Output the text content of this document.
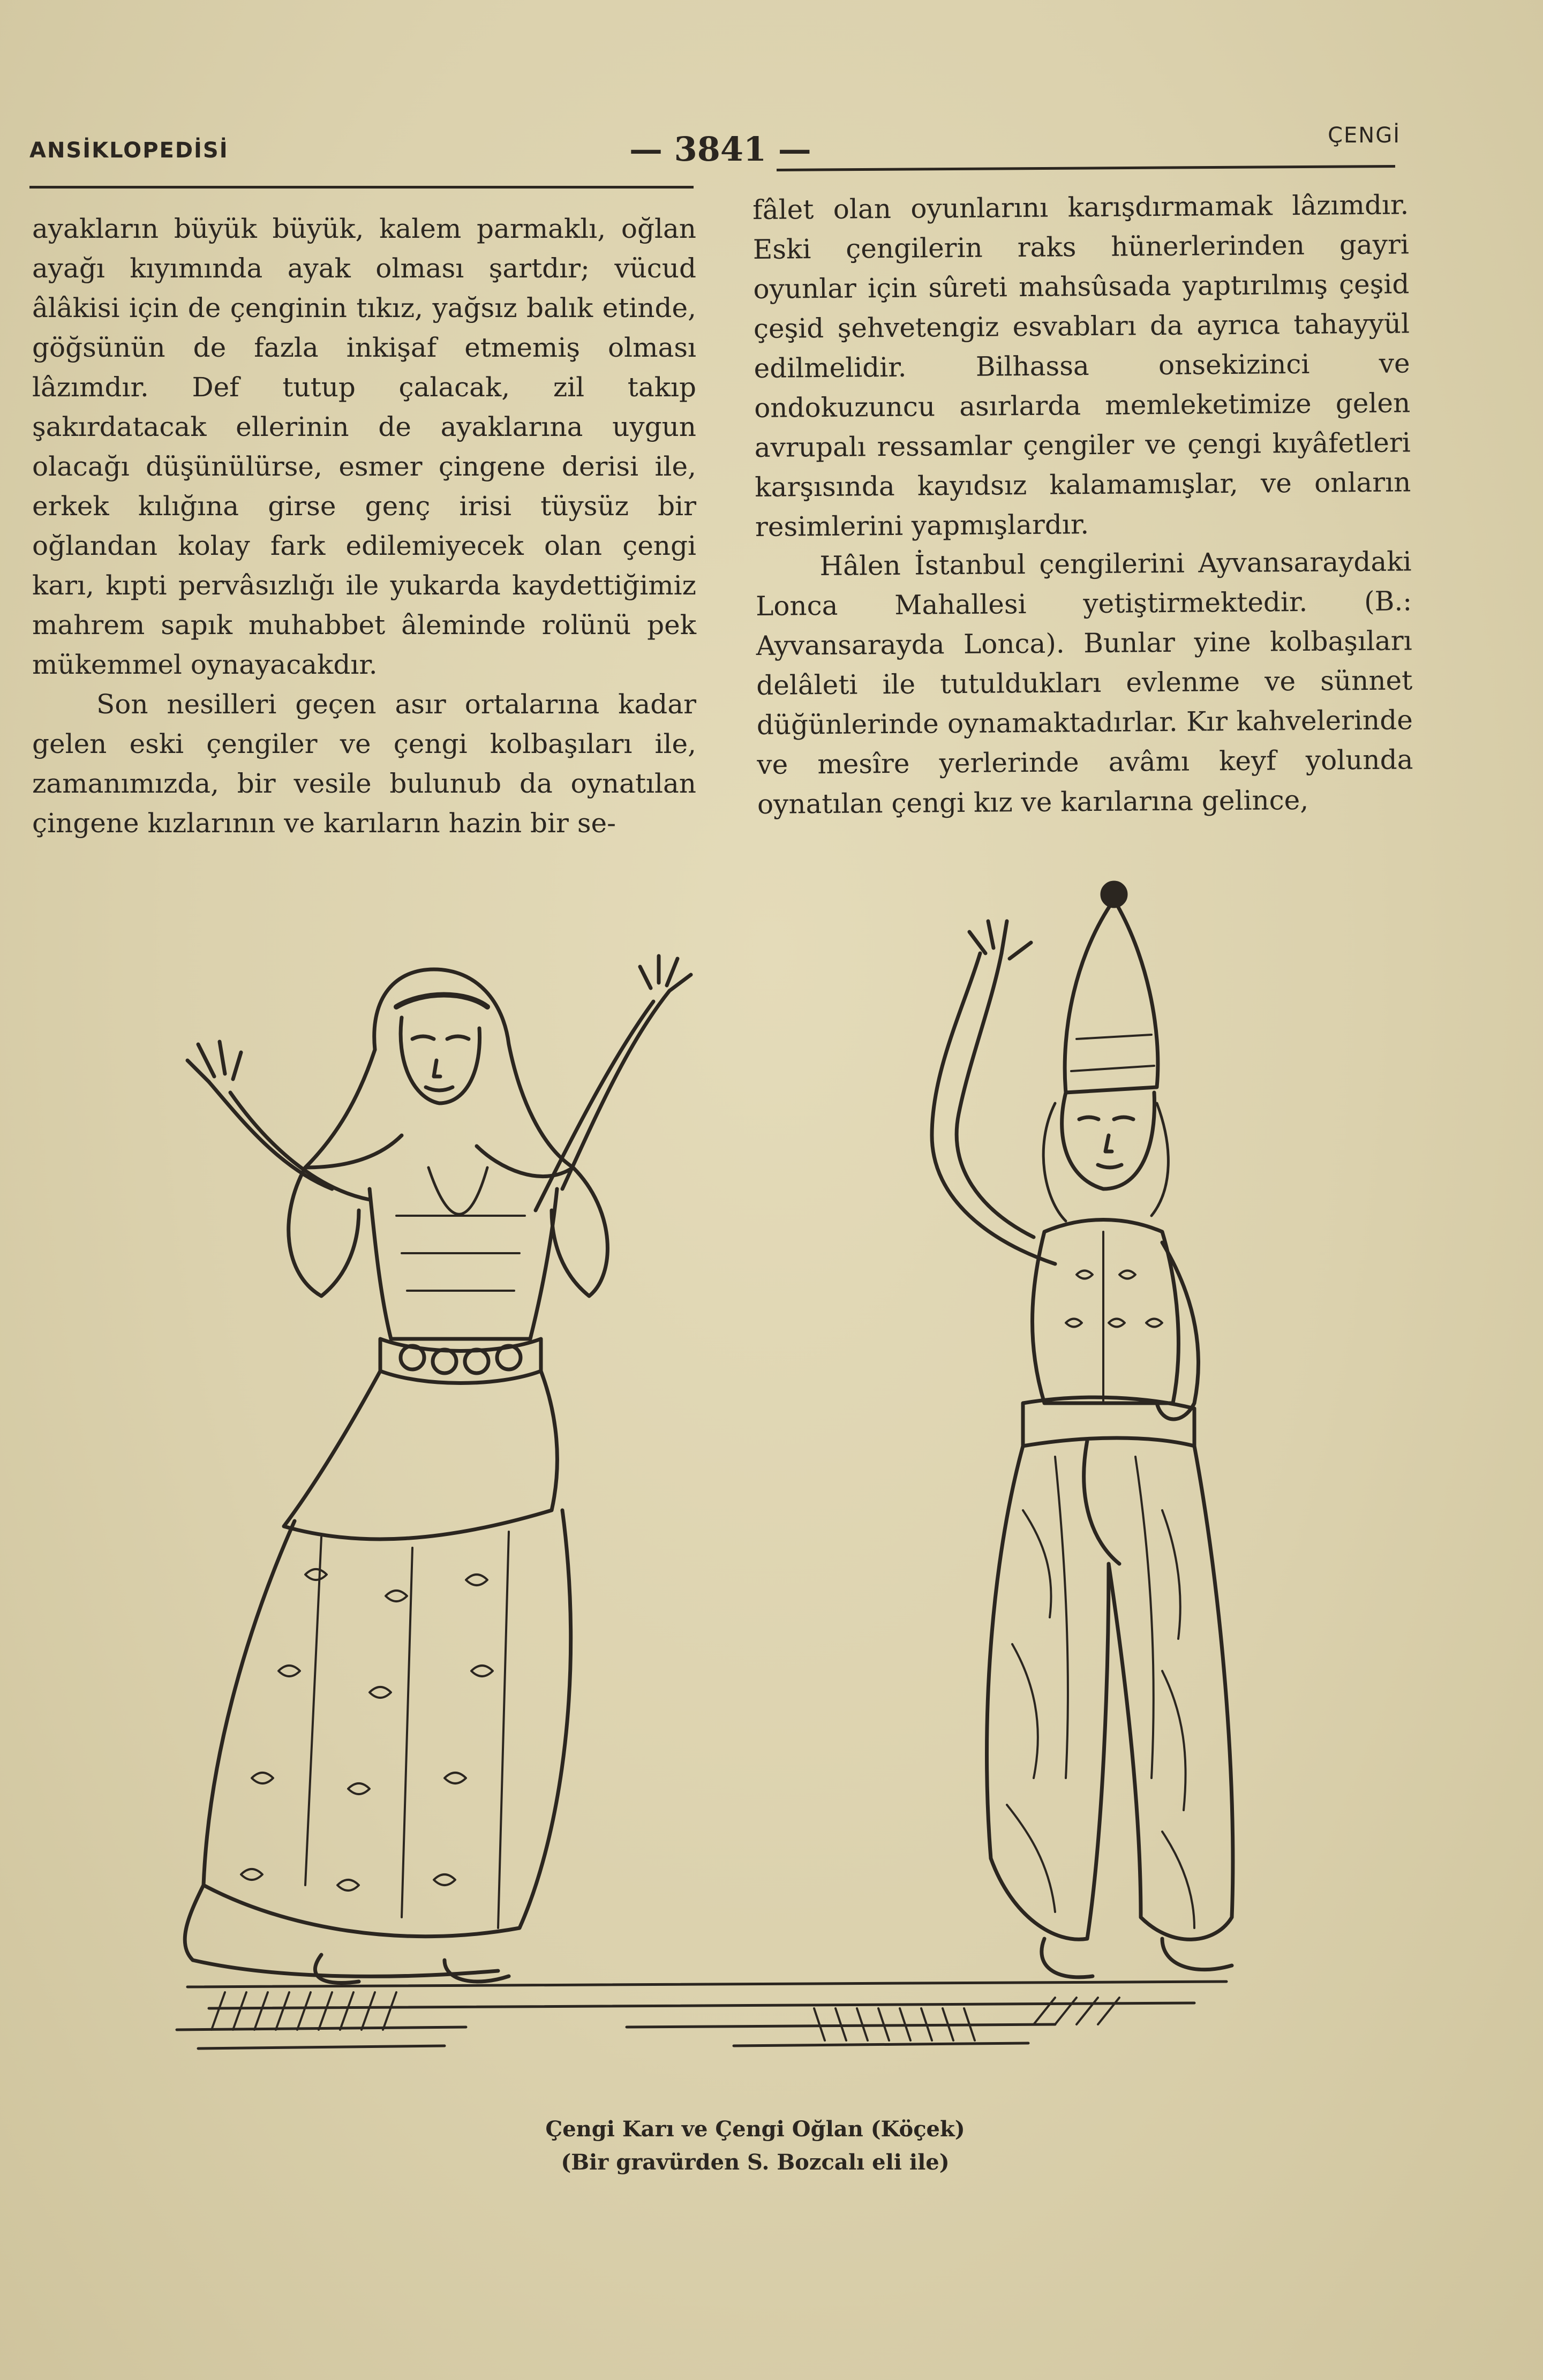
ANSİKLOPEDİSİ	— 3841 —	ÇENGİ

ayakların büyük büyük, kalem parmaklı, oğlan ayağı kıyımında ayak olması şartdır; vücud âlâkisi için de çenginin tıkız, yağsız balık etinde, göğsünün de fazla inkişaf etmemiş olması lâzımdır. Def tutup çalacak, zil takıp şakırdatacak ellerinin de ayaklarına uygun olacağı düşünülürse, esmer çingene derisi ile, erkek kılığına girse genç irisi tüysüz bir oğlandan kolay fark edilemiyecek olan çengi karı, kıpti pervâsızlığı ile yukarda kaydettiğimiz mahrem sapık muhabbet âleminde rolünü pek mükemmel oynayacakdır.

Son nesilleri geçen asır ortalarına kadar gelen eski çengiler ve çengi kolbaşıları ile, zamanımızda, bir vesile bulunub da oynatılan çingene kızlarının ve karıların hazin bir se-

fâlet olan oyunlarını karışdırmamak lâzımdır. Eski çengilerin raks hünerlerinden gayri oyunlar için sûreti mahsûsada yaptırılmış çeşid çeşid şehvetengiz esvabları da ayrıca tahayyül edilmelidir. Bilhassa onsekizinci ve ondokuzuncu asırlarda memleketimize gelen avrupalı ressamlar çengiler ve çengi kıyâfetleri karşısında kayıdsız kalamamışlar, ve onların resimlerini yapmışlardır.

Hâlen İstanbul çengilerini Ayvansaraydaki Lonca Mahallesi yetiştirmektedir. (B.: Ayvansarayda Lonca). Bunlar yine kolbaşıları delâleti ile tutuldukları evlenme ve sünnet düğünlerinde oynamaktadırlar. Kır kahvelerinde ve mesîre yerlerinde avâmı keyf yolunda oynatılan çengi kız ve karılarına gelince,

Çengi Karı ve Çengi Oğlan (Köçek)
(Bir gravürden S. Bozcalı eli ile)
